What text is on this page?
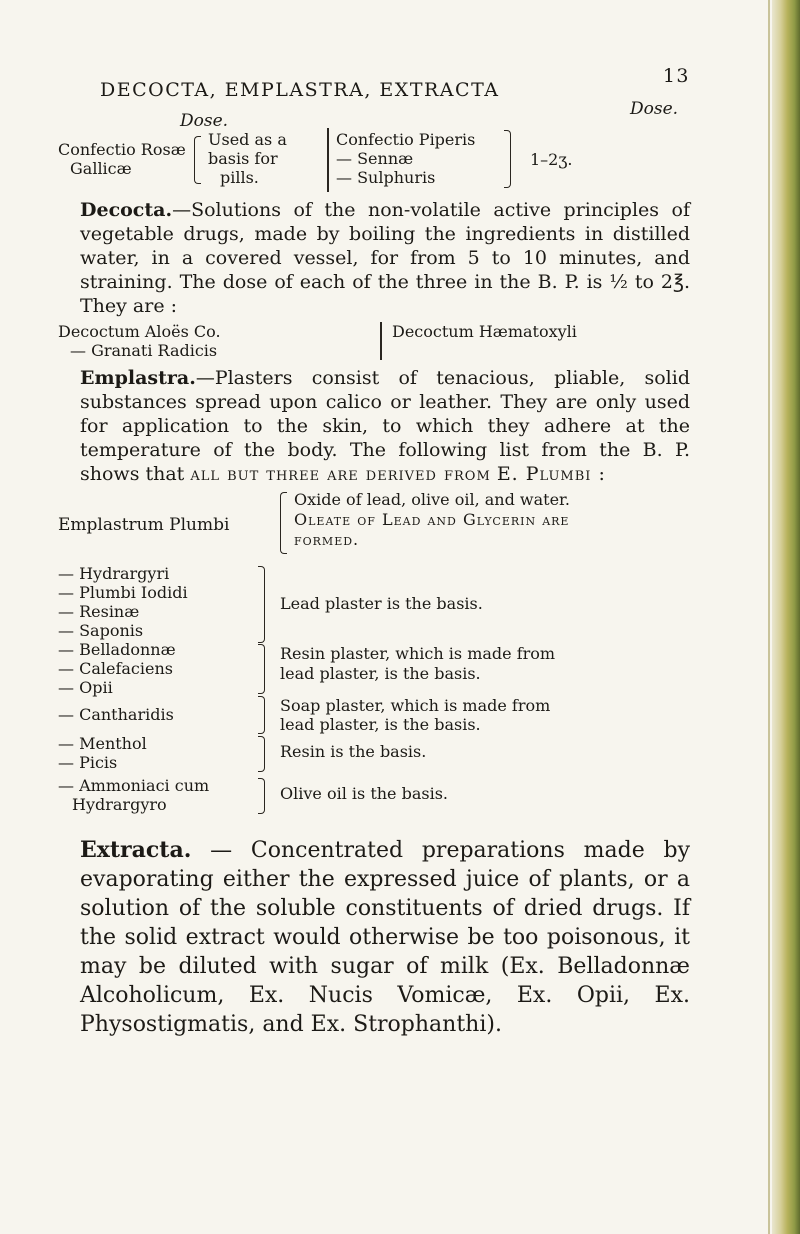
DECOCTA, EMPLASTRA, EXTRACTA
13
Dose.
Dose.
Confectio Rosæ
Gallicæ
Used as a
basis for
pills.
Confectio Piperis
— Sennæ
— Sulphuris
1–2ʒ.

Decocta.—Solutions of the non-volatile active principles of vegetable drugs, made by boiling the ingredients in distilled water, in a covered vessel, for from 5 to 10 minutes, and straining. The dose of each of the three in the B. P. is ½ to 2℥. They are :

Decoctum Aloës Co.
— Granati Radicis
Decoctum Hæmatoxyli

Emplastra.—Plasters consist of tenacious, pliable, solid substances spread upon calico or leather. They are only used for application to the skin, to which they adhere at the temperature of the body. The following list from the B. P. shows that all but three are derived from E. Plumbi :

Emplastrum Plumbi
Oxide of lead, olive oil, and water.
Oleate of Lead and Glycerin are
formed.
— Hydrargyri
— Plumbi Iodidi
— Resinæ
— Saponis
— Belladonnæ
— Calefaciens
— Opii
— Cantharidis
— Menthol
— Picis
— Ammoniaci cum
Hydrargyro
Lead plaster is the basis.
Resin plaster, which is made from
lead plaster, is the basis.
Soap plaster, which is made from
lead plaster, is the basis.
Resin is the basis.
Olive oil is the basis.

Extracta. — Concentrated preparations made by evaporating either the expressed juice of plants, or a solution of the soluble constituents of dried drugs. If the solid extract would otherwise be too poisonous, it may be diluted with sugar of milk (Ex. Belladonnæ Alcoholicum, Ex. Nucis Vomicæ, Ex. Opii, Ex. Physostigmatis, and Ex. Strophanthi).
